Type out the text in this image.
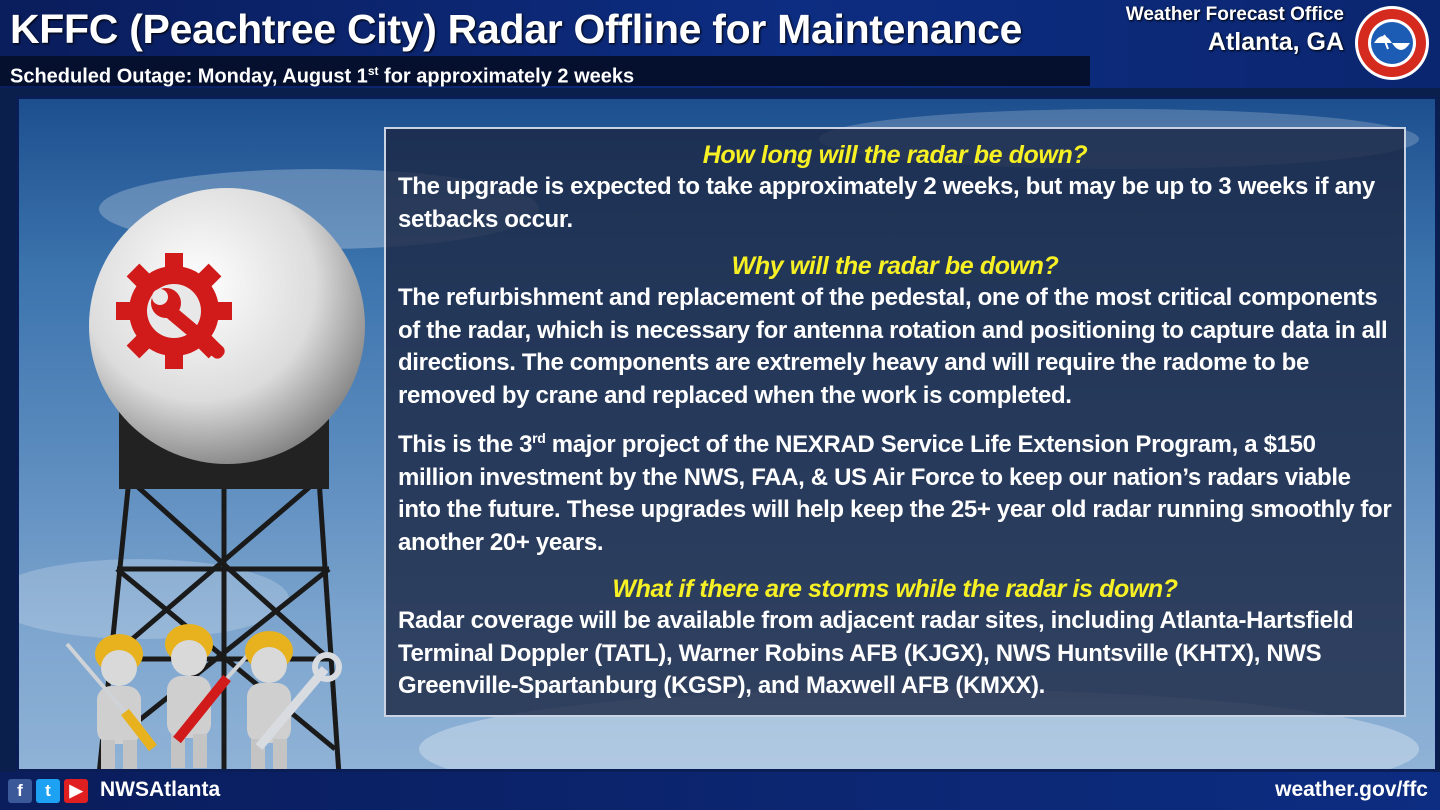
KFFC (Peachtree City) Radar Offline for Maintenance
Scheduled Outage: Monday, August 1st for approximately 2 weeks
Weather Forecast Office
Atlanta, GA

How long will the radar be down?

The upgrade is expected to take approximately 2 weeks, but may be up to 3 weeks if any setbacks occur.

Why will the radar be down?

The refurbishment and replacement of the pedestal, one of the most critical components of the radar, which is necessary for antenna rotation and positioning to capture data in all directions. The components are extremely heavy and will require the radome to be removed by crane and replaced when the work is completed.

This is the 3rd major project of the NEXRAD Service Life Extension Program, a $150 million investment by the NWS, FAA, & US Air Force to keep our nation’s radars viable into the future. These upgrades will help keep the 25+ year old radar running smoothly for another 20+ years.

What if there are storms while the radar is down?

Radar coverage will be available from adjacent radar sites, including Atlanta-Hartsfield Terminal Doppler (TATL), Warner Robins AFB (KJGX), NWS Huntsville (KHTX), NWS Greenville-Spartanburg (KGSP), and Maxwell AFB (KMXX).

f	t	▶ NWSAtlanta	weather.gov/ffc
